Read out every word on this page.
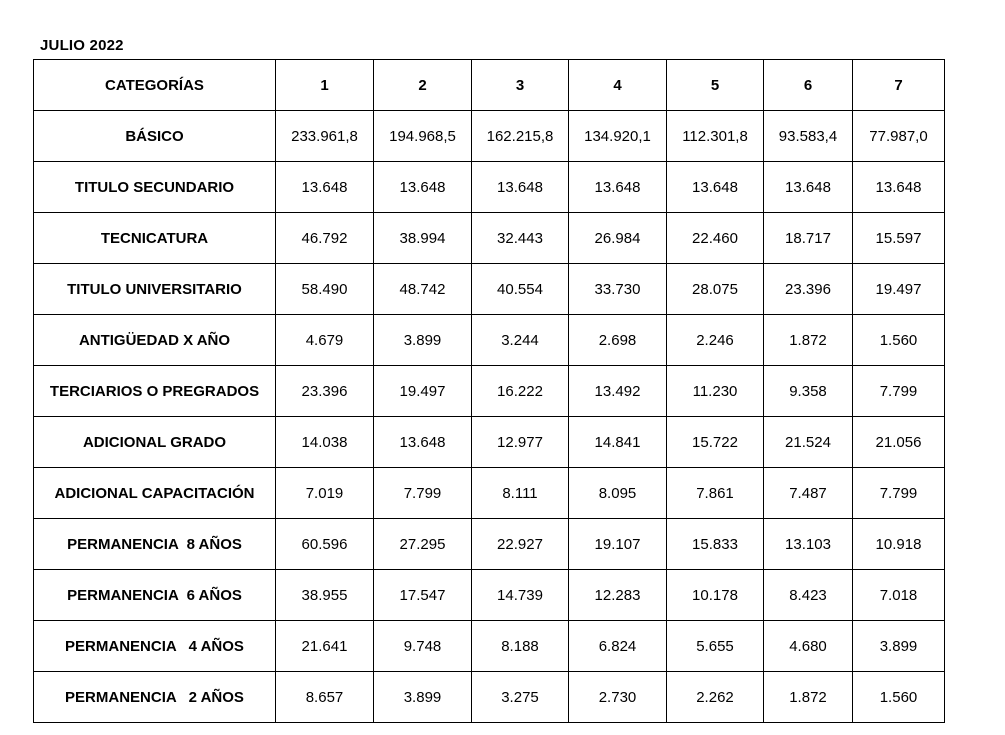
JULIO 2022
CATEGORÍAS	1	2	3	4	5	6	7
BÁSICO	233.961,8	194.968,5	162.215,8	134.920,1	112.301,8	93.583,4	77.987,0
TITULO SECUNDARIO	13.648	13.648	13.648	13.648	13.648	13.648	13.648
TECNICATURA	46.792	38.994	32.443	26.984	22.460	18.717	15.597
TITULO UNIVERSITARIO	58.490	48.742	40.554	33.730	28.075	23.396	19.497
ANTIGÜEDAD X AÑO	4.679	3.899	3.244	2.698	2.246	1.872	1.560
TERCIARIOS O PREGRADOS	23.396	19.497	16.222	13.492	11.230	9.358	7.799
ADICIONAL GRADO	14.038	13.648	12.977	14.841	15.722	21.524	21.056
ADICIONAL CAPACITACIÓN	7.019	7.799	8.111	8.095	7.861	7.487	7.799
PERMANENCIA  8 AÑOS	60.596	27.295	22.927	19.107	15.833	13.103	10.918
PERMANENCIA  6 AÑOS	38.955	17.547	14.739	12.283	10.178	8.423	7.018
PERMANENCIA   4 AÑOS	21.641	9.748	8.188	6.824	5.655	4.680	3.899
PERMANENCIA   2 AÑOS	8.657	3.899	3.275	2.730	2.262	1.872	1.560
